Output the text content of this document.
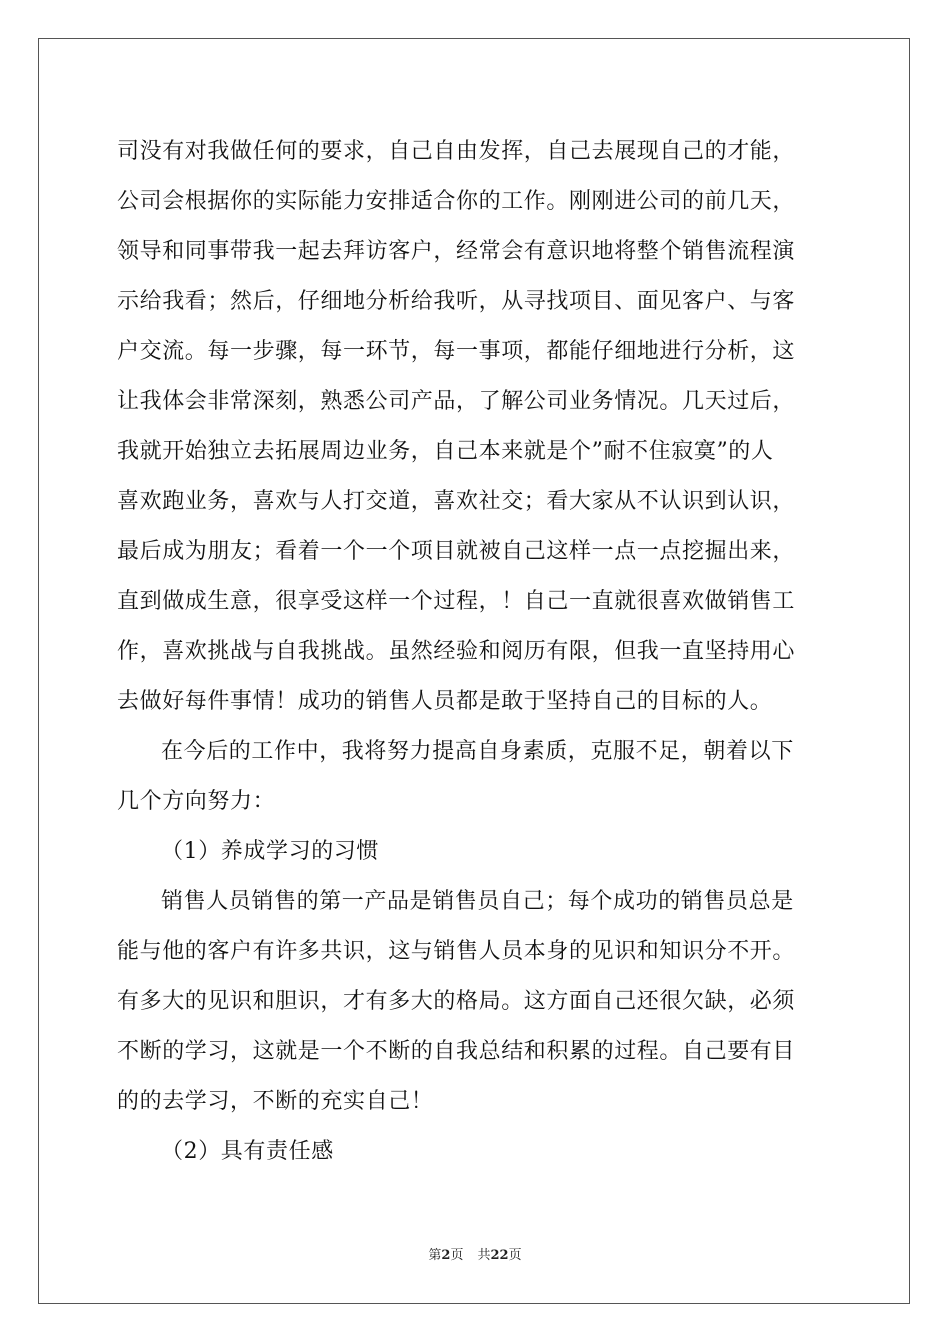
司没有对我做任何的要求，自己自由发挥，自己去展现自己的才能，
公司会根据你的实际能力安排适合你的工作。刚刚进公司的前几天，
领导和同事带我一起去拜访客户，经常会有意识地将整个销售流程演
示给我看；然后，仔细地分析给我听，从寻找项目、面见客户、与客
户交流。每一步骤，每一环节，每一事项，都能仔细地进行分析，这
让我体会非常深刻，熟悉公司产品，了解公司业务情况。几天过后，
我就开始独立去拓展周边业务，自己本来就是个”耐不住寂寞”的人
喜欢跑业务，喜欢与人打交道，喜欢社交；看大家从不认识到认识，
最后成为朋友；看着一个一个项目就被自己这样一点一点挖掘出来，
直到做成生意，很享受这样一个过程，！自己一直就很喜欢做销售工
作，喜欢挑战与自我挑战。虽然经验和阅历有限，但我一直坚持用心
去做好每件事情！成功的销售人员都是敢于坚持自己的目标的人。
在今后的工作中，我将努力提高自身素质，克服不足，朝着以下
几个方向努力：
（1）养成学习的习惯
销售人员销售的第一产品是销售员自己；每个成功的销售员总是
能与他的客户有许多共识，这与销售人员本身的见识和知识分不开。
有多大的见识和胆识，才有多大的格局。这方面自己还很欠缺，必须
不断的学习，这就是一个不断的自我总结和积累的过程。自己要有目
的的去学习，不断的充实自己！
（2）具有责任感
第2页 共22页
